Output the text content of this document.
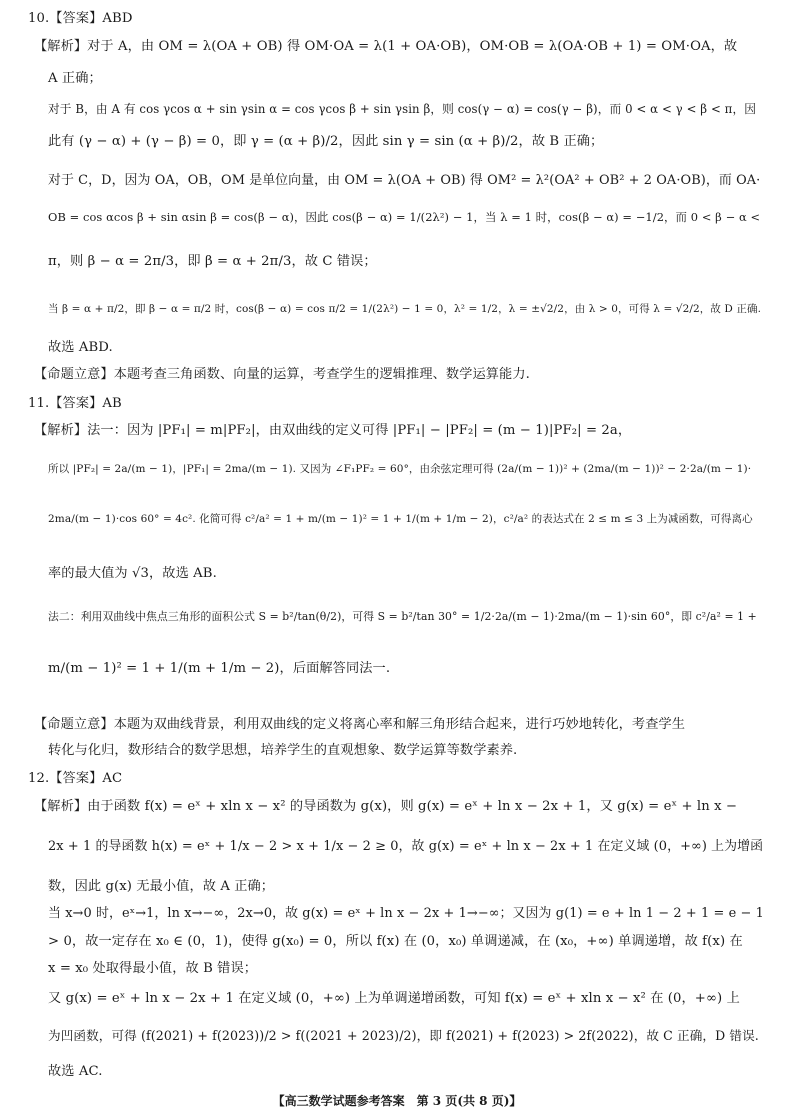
10.【答案】ABD
【解析】对于 A，由 OM = λ(OA + OB) 得 OM·OA = λ(1 + OA·OB)，OM·OB = λ(OA·OB + 1) = OM·OA，故
A 正确；
对于 B，由 A 有 cos γcos α + sin γsin α = cos γcos β + sin γsin β，则 cos(γ − α) = cos(γ − β)，而 0 < α < γ < β < π，因
此有 (γ − α) + (γ − β) = 0，即 γ = (α + β)/2，因此 sin γ = sin (α + β)/2，故 B 正确；
对于 C，D，因为 OA，OB，OM 是单位向量，由 OM = λ(OA + OB) 得 OM² = λ²(OA² + OB² + 2 OA·OB)，而 OA·
OB = cos αcos β + sin αsin β = cos(β − α)，因此 cos(β − α) = 1/(2λ²) − 1，当 λ = 1 时，cos(β − α) = −1/2，而 0 < β − α <
π，则 β − α = 2π/3，即 β = α + 2π/3，故 C 错误；
当 β = α + π/2，即 β − α = π/2 时，cos(β − α) = cos π/2 = 1/(2λ²) − 1 = 0，λ² = 1/2，λ = ±√2/2，由 λ > 0，可得 λ = √2/2，故 D 正确.
故选 ABD.
【命题立意】本题考查三角函数、向量的运算，考查学生的逻辑推理、数学运算能力.
11.【答案】AB
【解析】法一：因为 |PF₁| = m|PF₂|，由双曲线的定义可得 |PF₁| − |PF₂| = (m − 1)|PF₂| = 2a，
所以 |PF₂| = 2a/(m − 1)，|PF₁| = 2ma/(m − 1). 又因为 ∠F₁PF₂ = 60°，由余弦定理可得 (2a/(m − 1))² + (2ma/(m − 1))² − 2·2a/(m − 1)·
2ma/(m − 1)·cos 60° = 4c². 化简可得 c²/a² = 1 + m/(m − 1)² = 1 + 1/(m + 1/m − 2)，c²/a² 的表达式在 2 ≤ m ≤ 3 上为减函数，可得离心
率的最大值为 √3，故选 AB.
法二：利用双曲线中焦点三角形的面积公式 S = b²/tan(θ/2)，可得 S = b²/tan 30° = 1/2·2a/(m − 1)·2ma/(m − 1)·sin 60°，即 c²/a² = 1 +
m/(m − 1)² = 1 + 1/(m + 1/m − 2)，后面解答同法一.
【命题立意】本题为双曲线背景，利用双曲线的定义将离心率和解三角形结合起来，进行巧妙地转化，考查学生
转化与化归，数形结合的数学思想，培养学生的直观想象、数学运算等数学素养.
12.【答案】AC
【解析】由于函数 f(x) = eˣ + xln x − x² 的导函数为 g(x)，则 g(x) = eˣ + ln x − 2x + 1，又 g(x) = eˣ + ln x −
2x + 1 的导函数 h(x) = eˣ + 1/x − 2 > x + 1/x − 2 ≥ 0，故 g(x) = eˣ + ln x − 2x + 1 在定义域 (0，+∞) 上为增函
数，因此 g(x) 无最小值，故 A 正确；
当 x→0 时，eˣ→1，ln x→−∞，2x→0，故 g(x) = eˣ + ln x − 2x + 1→−∞；又因为 g(1) = e + ln 1 − 2 + 1 = e − 1
> 0，故一定存在 x₀ ∈ (0，1)，使得 g(x₀) = 0，所以 f(x) 在 (0，x₀) 单调递减，在 (x₀，+∞) 单调递增，故 f(x) 在
x = x₀ 处取得最小值，故 B 错误；
又 g(x) = eˣ + ln x − 2x + 1 在定义域 (0，+∞) 上为单调递增函数，可知 f(x) = eˣ + xln x − x² 在 (0，+∞) 上
为凹函数，可得 (f(2021) + f(2023))/2 > f((2021 + 2023)/2)，即 f(2021) + f(2023) > 2f(2022)，故 C 正确，D 错误.
故选 AC.
【高三数学试题参考答案　第 3 页(共 8 页)】
